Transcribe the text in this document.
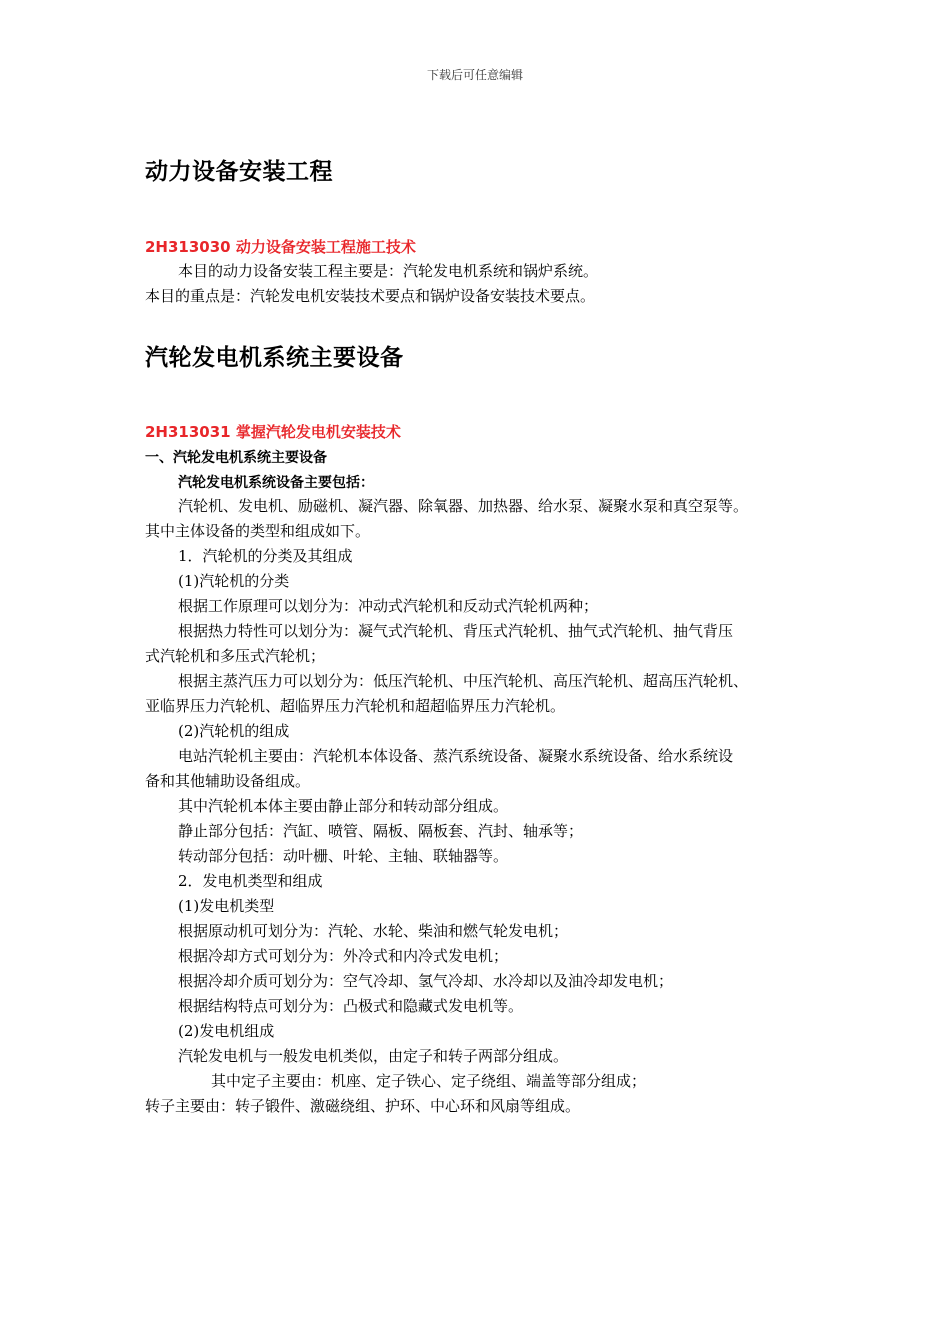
下载后可任意编辑
动力设备安装工程
2H313030 动力设备安装工程施工技术
本目的动力设备安装工程主要是：汽轮发电机系统和锅炉系统。
本目的重点是：汽轮发电机安装技术要点和锅炉设备安装技术要点。
汽轮发电机系统主要设备
2H313031 掌握汽轮发电机安装技术
一、汽轮发电机系统主要设备
汽轮发电机系统设备主要包括：
汽轮机、发电机、励磁机、凝汽器、除氧器、加热器、给水泵、凝聚水泵和真空泵等。
其中主体设备的类型和组成如下。
1．汽轮机的分类及其组成
(1)汽轮机的分类
根据工作原理可以划分为：冲动式汽轮机和反动式汽轮机两种；
根据热力特性可以划分为：凝气式汽轮机、背压式汽轮机、抽气式汽轮机、抽气背压
式汽轮机和多压式汽轮机；
根据主蒸汽压力可以划分为：低压汽轮机、中压汽轮机、高压汽轮机、超高压汽轮机、
亚临界压力汽轮机、超临界压力汽轮机和超超临界压力汽轮机。
(2)汽轮机的组成
电站汽轮机主要由：汽轮机本体设备、蒸汽系统设备、凝聚水系统设备、给水系统设
备和其他辅助设备组成。
其中汽轮机本体主要由静止部分和转动部分组成。
静止部分包括：汽缸、喷管、隔板、隔板套、汽封、轴承等；
转动部分包括：动叶栅、叶轮、主轴、联轴器等。
2．发电机类型和组成
(1)发电机类型
根据原动机可划分为：汽轮、水轮、柴油和燃气轮发电机；
根据冷却方式可划分为：外冷式和内冷式发电机；
根据冷却介质可划分为：空气冷却、氢气冷却、水冷却以及油冷却发电机；
根据结构特点可划分为：凸极式和隐藏式发电机等。
(2)发电机组成
汽轮发电机与一般发电机类似，由定子和转子两部分组成。
其中定子主要由：机座、定子铁心、定子绕组、端盖等部分组成；
转子主要由：转子锻件、激磁绕组、护环、中心环和风扇等组成。
